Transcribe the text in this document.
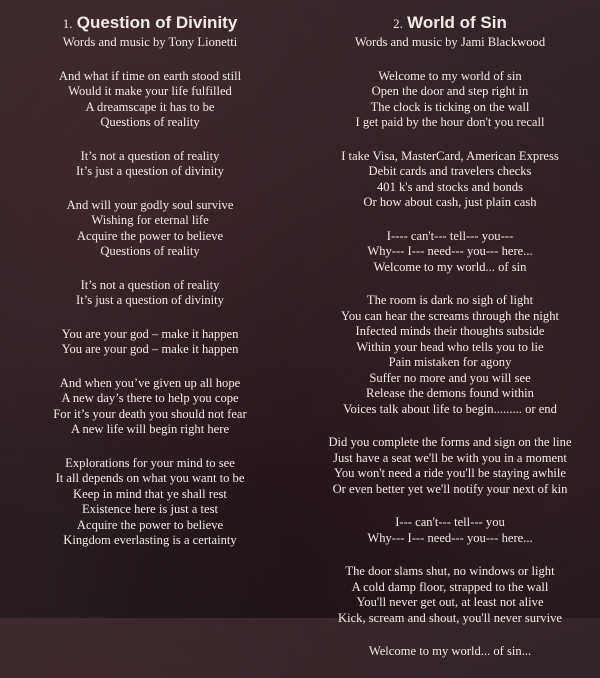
1. Question of Divinity
Words and music by Tony Lionetti
And what if time on earth stood still
Would it make your life fulfilled
A dreamscape it has to be
Questions of reality
It’s not a question of reality
It’s just a question of divinity
And will your godly soul survive
Wishing for eternal life
Acquire the power to believe
Questions of reality
It’s not a question of reality
It’s just a question of divinity
You are your god – make it happen
You are your god – make it happen
And when you’ve given up all hope
A new day’s there to help you cope
For it’s your death you should not fear
A new life will begin right here
Explorations for your mind to see
It all depends on what you want to be
Keep in mind that ye shall rest
Existence here is just a test
Acquire the power to believe
Kingdom everlasting is a certainty
2. World of Sin
Words and music by Jami Blackwood
Welcome to my world of sin
Open the door and step right in
The clock is ticking on the wall
I get paid by the hour don't you recall
I take Visa, MasterCard, American Express
Debit cards and travelers checks
401 k's and stocks and bonds
Or how about cash, just plain cash
I---- can't--- tell--- you---
Why--- I--- need--- you--- here...
Welcome to my world... of sin
The room is dark no sigh of light
You can hear the screams through the night
Infected minds their thoughts subside
Within your head who tells you to lie
Pain mistaken for agony
Suffer no more and you will see
Release the demons found within
Voices talk about life to begin......... or end
Did you complete the forms and sign on the line
Just have a seat we'll be with you in a moment
You won't need a ride you'll be staying awhile
Or even better yet we'll notify your next of kin
I--- can't--- tell--- you
Why--- I--- need--- you--- here...
The door slams shut, no windows or light
A cold damp floor, strapped to the wall
You'll never get out, at least not alive
Kick, scream and shout, you'll never survive
Welcome to my world... of sin...
